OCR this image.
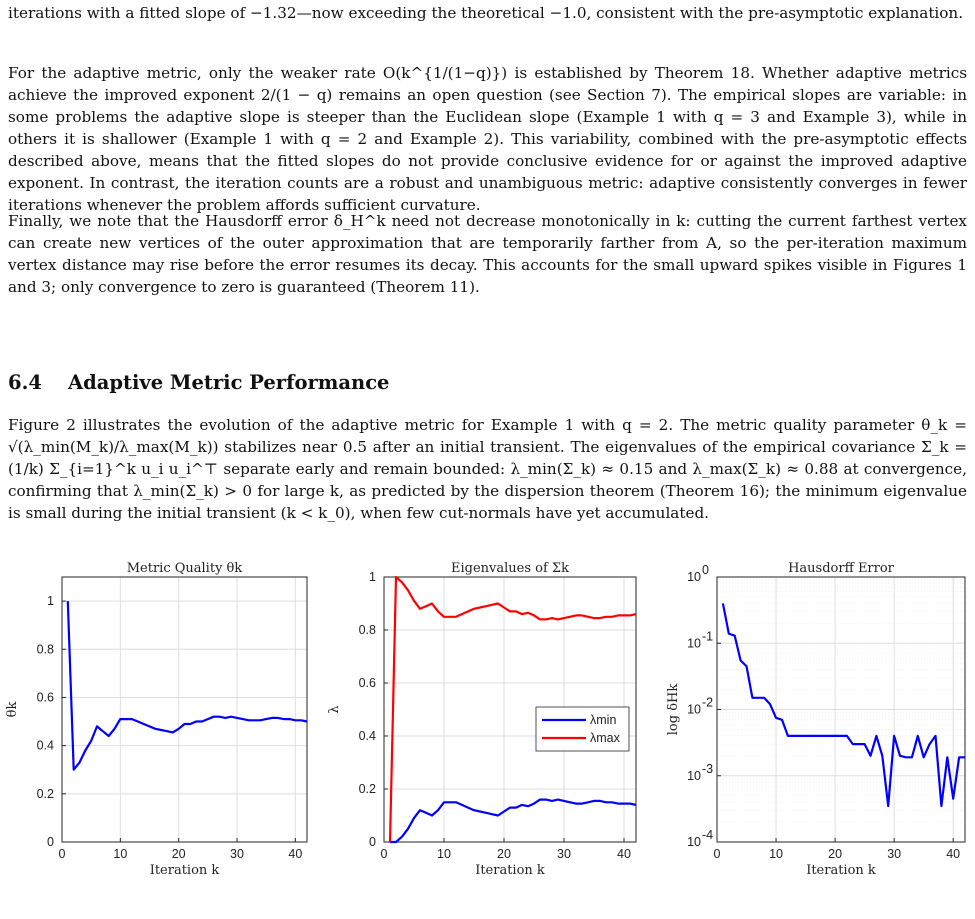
iterations with a fitted slope of −1.32—now exceeding the theoretical −1.0, consistent with the pre-asymptotic explanation.

For the adaptive metric, only the weaker rate O(k^{1/(1−q)}) is established by Theorem 18. Whether adaptive metrics achieve the improved exponent 2/(1 − q) remains an open question (see Section 7). The empirical slopes are variable: in some problems the adaptive slope is steeper than the Euclidean slope (Example 1 with q = 3 and Example 3), while in others it is shallower (Example 1 with q = 2 and Example 2). This variability, combined with the pre-asymptotic effects described above, means that the fitted slopes do not provide conclusive evidence for or against the improved adaptive exponent. In contrast, the iteration counts are a robust and unambiguous metric: adaptive consistently converges in fewer iterations whenever the problem affords sufficient curvature.

Finally, we note that the Hausdorff error δ_H^k need not decrease monotonically in k: cutting the current farthest vertex can create new vertices of the outer approximation that are temporarily farther from A, so the per-iteration maximum vertex distance may rise before the error resumes its decay. This accounts for the small upward spikes visible in Figures 1 and 3; only convergence to zero is guaranteed (Theorem 11).

6.4 Adaptive Metric Performance

Figure 2 illustrates the evolution of the adaptive metric for Example 1 with q = 2. The metric quality parameter θ_k = √(λ_min(M_k)/λ_max(M_k)) stabilizes near 0.5 after an initial transient. The eigenvalues of the empirical covariance Σ_k = (1/k) Σ_{i=1}^k u_i u_i^⊤ separate early and remain bounded: λ_min(Σ_k) ≈ 0.15 and λ_max(Σ_k) ≈ 0.88 at convergence, confirming that λ_min(Σ_k) > 0 for large k, as predicted by the dispersion theorem (Theorem 16); the minimum eigenvalue is small during the initial transient (k < k_0), when few cut-normals have yet accumulated.

0	10	20	30	40
0
0.2
0.4
0.6
0.8
1
Metric Quality θk
Iteration k
θk
0	10	20	30	40
0
0.2
0.4
0.6
0.8
1
Eigenvalues of Σk
Iteration k
λ
λmin
λmax
0	10	20	30	40
10 -4
10 -3
10 -2
10 -1
10 0	Hausdorff Error
Iteration k
log δHk
